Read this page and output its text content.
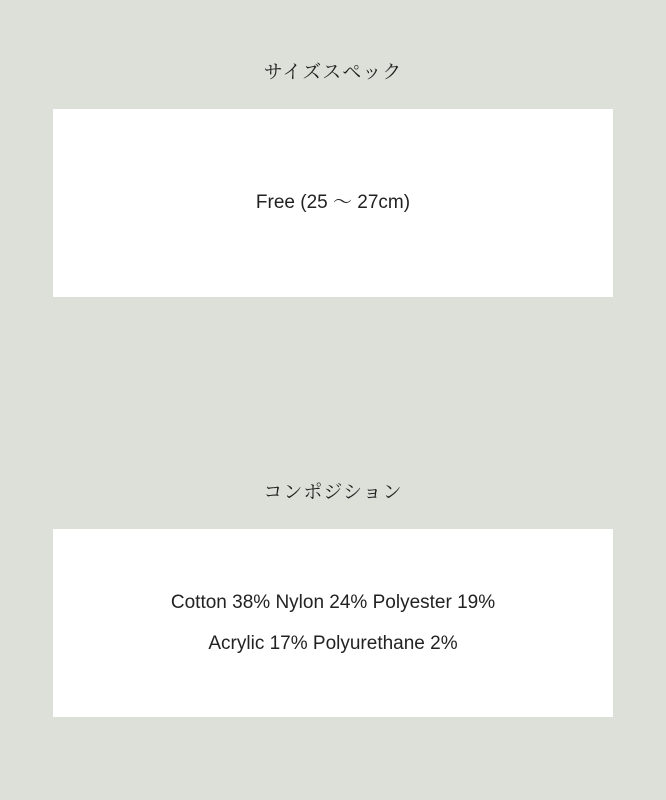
サイズスペック
Free (25 〜 27cm)
コンポジション
Cotton 38% Nylon 24% Polyester 19%
Acrylic 17% Polyurethane 2%
